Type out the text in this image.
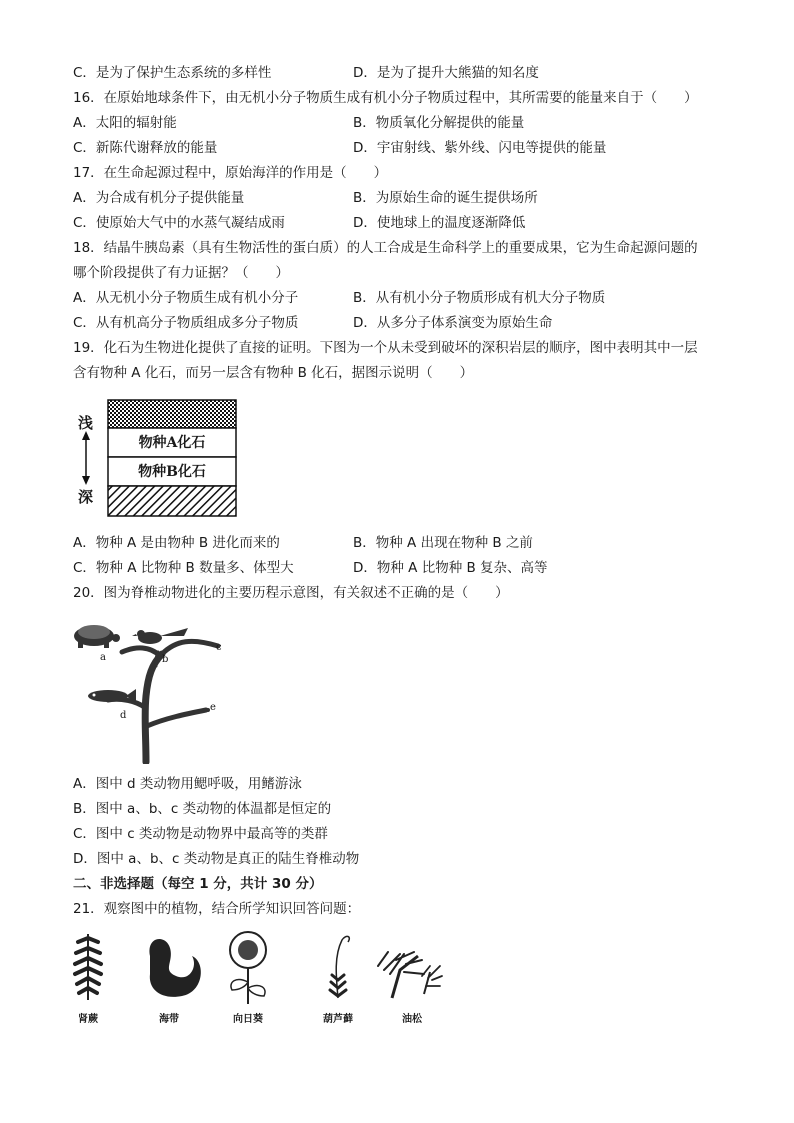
C．是为了保护生态系统的多样性	D．是为了提升大熊猫的知名度
16．在原始地球条件下，由无机小分子物质生成有机小分子物质过程中，其所需要的能量来自于（　　）
A．太阳的辐射能	B．物质氧化分解提供的能量
C．新陈代谢释放的能量	D．宇宙射线、紫外线、闪电等提供的能量
17．在生命起源过程中，原始海洋的作用是（　　）
A．为合成有机分子提供能量	B．为原始生命的诞生提供场所
C．使原始大气中的水蒸气凝结成雨	D．使地球上的温度逐渐降低
18．结晶牛胰岛素（具有生物活性的蛋白质）的人工合成是生命科学上的重要成果，它为生命起源问题的
哪个阶段提供了有力证据？（　　）
A．从无机小分子物质生成有机小分子	B．从有机小分子物质形成有机大分子物质
C．从有机高分子物质组成多分子物质	D．从多分子体系演变为原始生命
19．化石为生物进化提供了直接的证明。下图为一个从未受到破坏的深积岩层的顺序，图中表明其中一层
含有物种 A 化石，而另一层含有物种 B 化石，据图示说明（　　）
浅
深
物种A化石
物种B化石
A．物种 A 是由物种 B 进化而来的	B．物种 A 出现在物种 B 之前
C．物种 A 比物种 B 数量多、体型大	D．物种 A 比物种 B 复杂、高等
20．图为脊椎动物进化的主要历程示意图，有关叙述不正确的是（　　）
a	b
c
d
e
A．图中 d 类动物用鳃呼吸，用鳍游泳
B．图中 a、b、c 类动物的体温都是恒定的
C．图中 c 类动物是动物界中最高等的类群
D．图中 a、b、c 类动物是真正的陆生脊椎动物
二、非选择题（每空 1 分，共计 30 分）
21．观察图中的植物，结合所学知识回答问题：
肾蕨	海带	向日葵	葫芦藓	油松
